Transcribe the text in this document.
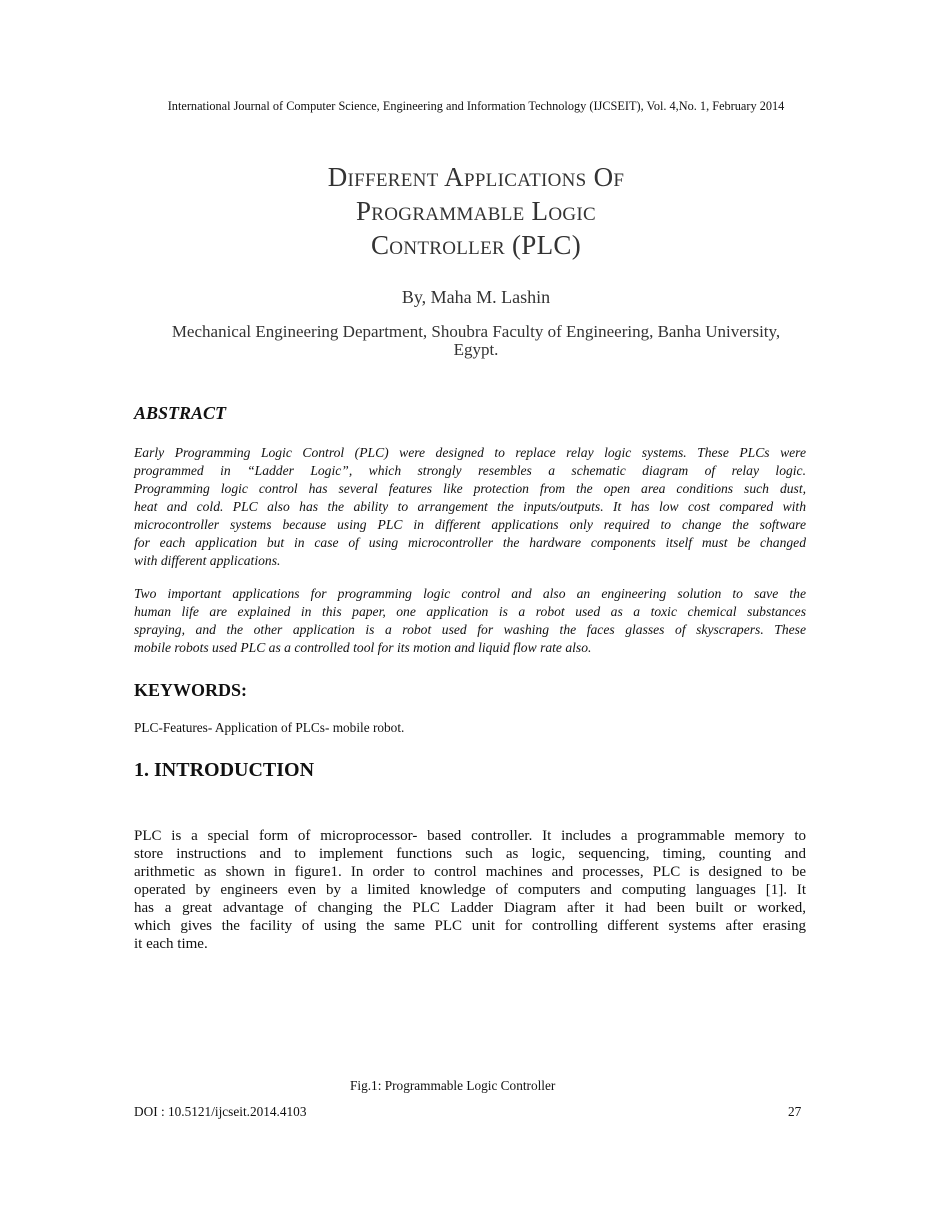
International Journal of Computer Science, Engineering and Information Technology (IJCSEIT), Vol. 4,No. 1, February 2014
Different Applications Of
Programmable Logic
Controller (PLC)
By, Maha M. Lashin
Mechanical Engineering Department, Shoubra Faculty of Engineering, Banha University,
Egypt.
ABSTRACT
Early Programming Logic Control (PLC) were designed to replace relay logic systems. These PLCs were
programmed in “Ladder Logic”, which strongly resembles a schematic diagram of relay logic.
Programming logic control has several features like protection from the open area conditions such dust,
heat and cold. PLC also has the ability to arrangement the inputs/outputs. It has low cost compared with
microcontroller systems because using PLC in different applications only required to change the software
for each application but in case of using microcontroller the hardware components itself must be changed
with different applications.
Two important applications for programming logic control and also an engineering solution to save the
human life are explained in this paper, one application is a robot used as a toxic chemical substances
spraying, and the other application is a robot used for washing the faces glasses of skyscrapers. These
mobile robots used PLC as a controlled tool for its motion and liquid flow rate also.
KEYWORDS:
PLC-Features- Application of PLCs- mobile robot.
1. INTRODUCTION
PLC is a special form of microprocessor- based controller. It includes a programmable memory to
store instructions and to implement functions such as logic, sequencing, timing, counting and
arithmetic as shown in figure1. In order to control machines and processes, PLC is designed to be
operated by engineers even by a limited knowledge of computers and computing languages [1]. It
has a great advantage of changing the PLC Ladder Diagram after it had been built or worked,
which gives the facility of using the same PLC unit for controlling different systems after erasing
it each time.
Fig.1: Programmable Logic Controller
DOI : 10.5121/ijcseit.2014.4103	27
